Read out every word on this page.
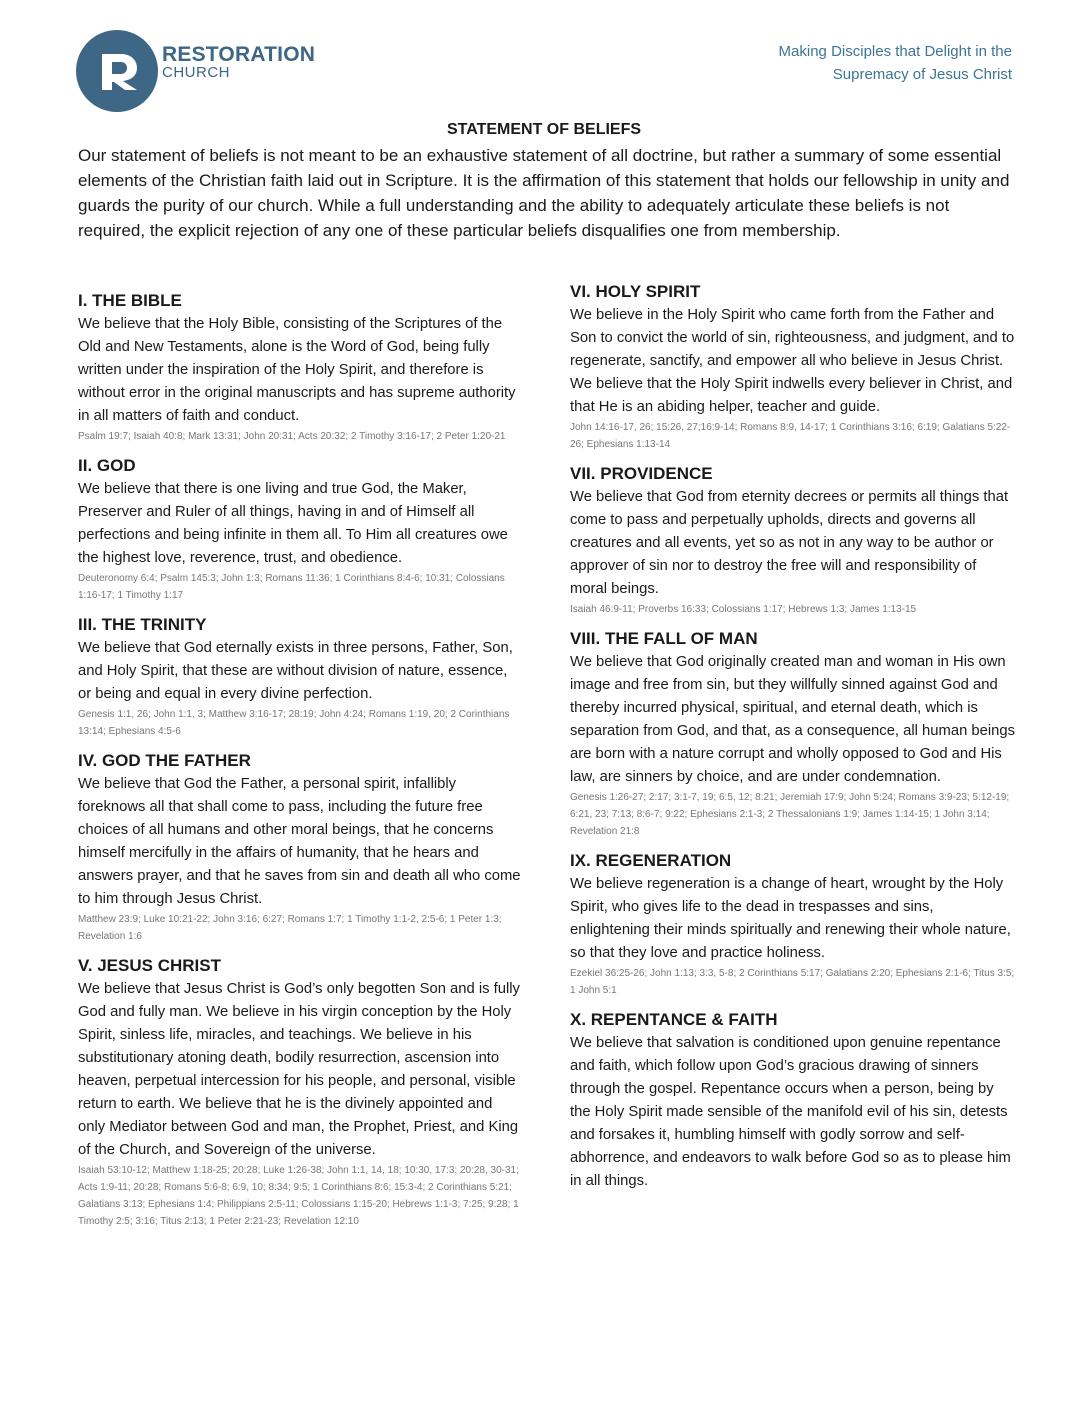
RESTORATION
CHURCH
Making Disciples that Delight in the Supremacy of Jesus Christ
STATEMENT OF BELIEFS

Our statement of beliefs is not meant to be an exhaustive statement of all doctrine, but rather a summary of some essential elements of the Christian faith laid out in Scripture. It is the affirmation of this statement that holds our fellowship in unity and guards the purity of our church. While a full understanding and the ability to adequately articulate these beliefs is not required, the explicit rejection of any one of these particular beliefs disqualifies one from membership.

I. THE BIBLE

We believe that the Holy Bible, consisting of the Scriptures of the Old and New Testaments, alone is the Word of God, being fully written under the inspiration of the Holy Spirit, and therefore is without error in the original manuscripts and has supreme authority in all matters of faith and conduct.

Psalm 19:7; Isaiah 40:8; Mark 13:31; John 20:31; Acts 20:32; 2 Timothy 3:16-17; 2 Peter 1:20-21

II. GOD

We believe that there is one living and true God, the Maker, Preserver and Ruler of all things, having in and of Himself all perfections and being infinite in them all. To Him all creatures owe the highest love, reverence, trust, and obedience.

Deuteronomy 6:4; Psalm 145:3; John 1:3; Romans 11:36; 1 Corinthians 8:4-6; 10:31; Colossians 1:16-17; 1 Timothy 1:17

III. THE TRINITY

We believe that God eternally exists in three persons, Father, Son, and Holy Spirit, that these are without division of nature, essence, or being and equal in every divine perfection.

Genesis 1:1, 26; John 1:1, 3; Matthew 3:16-17; 28:19; John 4:24; Romans 1:19, 20; 2 Corinthians 13:14; Ephesians 4:5-6

IV. GOD THE FATHER

We believe that God the Father, a personal spirit, infallibly foreknows all that shall come to pass, including the future free choices of all humans and other moral beings, that he concerns himself mercifully in the affairs of humanity, that he hears and answers prayer, and that he saves from sin and death all who come to him through Jesus Christ.

Matthew 23:9; Luke 10:21-22; John 3:16; 6:27; Romans 1:7; 1 Timothy 1:1-2, 2:5-6; 1 Peter 1:3; Revelation 1:6

V. JESUS CHRIST

We believe that Jesus Christ is God’s only begotten Son and is fully God and fully man. We believe in his virgin conception by the Holy Spirit, sinless life, miracles, and teachings. We believe in his substitutionary atoning death, bodily resurrection, ascension into heaven, perpetual intercession for his people, and personal, visible return to earth. We believe that he is the divinely appointed and only Mediator between God and man, the Prophet, Priest, and King of the Church, and Sovereign of the universe.

Isaiah 53:10-12; Matthew 1:18-25; 20:28; Luke 1:26-38; John 1:1, 14, 18; 10:30, 17:3; 20:28, 30-31; Acts 1:9-11; 20:28; Romans 5:6-8; 6:9, 10; 8:34; 9:5; 1 Corinthians 8:6; 15:3-4; 2 Corinthians 5:21; Galatians 3:13; Ephesians 1:4; Philippians 2:5-11; Colossians 1:15-20; Hebrews 1:1-3; 7:25; 9:28; 1 Timothy 2:5; 3:16; Titus 2:13; 1 Peter 2:21-23; Revelation 12:10

VI. HOLY SPIRIT

We believe in the Holy Spirit who came forth from the Father and Son to convict the world of sin, righteousness, and judgment, and to regenerate, sanctify, and empower all who believe in Jesus Christ. We believe that the Holy Spirit indwells every believer in Christ, and that He is an abiding helper, teacher and guide.

John 14:16-17, 26; 15:26, 27;16:9-14; Romans 8:9, 14-17; 1 Corinthians 3:16; 6:19; Galatians 5:22-26; Ephesians 1:13-14

VII. PROVIDENCE

We believe that God from eternity decrees or permits all things that come to pass and perpetually upholds, directs and governs all creatures and all events, yet so as not in any way to be author or approver of sin nor to destroy the free will and responsibility of moral beings.

Isaiah 46:9-11; Proverbs 16:33; Colossians 1:17; Hebrews 1:3; James 1:13-15

VIII. THE FALL OF MAN

We believe that God originally created man and woman in His own image and free from sin, but they willfully sinned against God and thereby incurred physical, spiritual, and eternal death, which is separation from God, and that, as a consequence, all human beings are born with a nature corrupt and wholly opposed to God and His law, are sinners by choice, and are under condemnation.

Genesis 1:26-27; 2:17; 3:1-7, 19; 6:5, 12; 8:21; Jeremiah 17:9; John 5:24; Romans 3:9-23; 5:12-19; 6:21, 23; 7:13; 8:6-7; 9:22; Ephesians 2:1-3; 2 Thessalonians 1:9; James 1:14-15; 1 John 3:14; Revelation 21:8

IX. REGENERATION

We believe regeneration is a change of heart, wrought by the Holy Spirit, who gives life to the dead in trespasses and sins, enlightening their minds spiritually and renewing their whole nature, so that they love and practice holiness.

Ezekiel 36:25-26; John 1:13; 3:3, 5-8; 2 Corinthians 5:17; Galatians 2:20; Ephesians 2:1-6; Titus 3:5; 1 John 5:1

X. REPENTANCE & FAITH

We believe that salvation is conditioned upon genuine repentance and faith, which follow upon God’s gracious drawing of sinners through the gospel. Repentance occurs when a person, being by the Holy Spirit made sensible of the manifold evil of his sin, detests and forsakes it, humbling himself with godly sorrow and self-abhorrence, and endeavors to walk before God so as to please him in all things.
